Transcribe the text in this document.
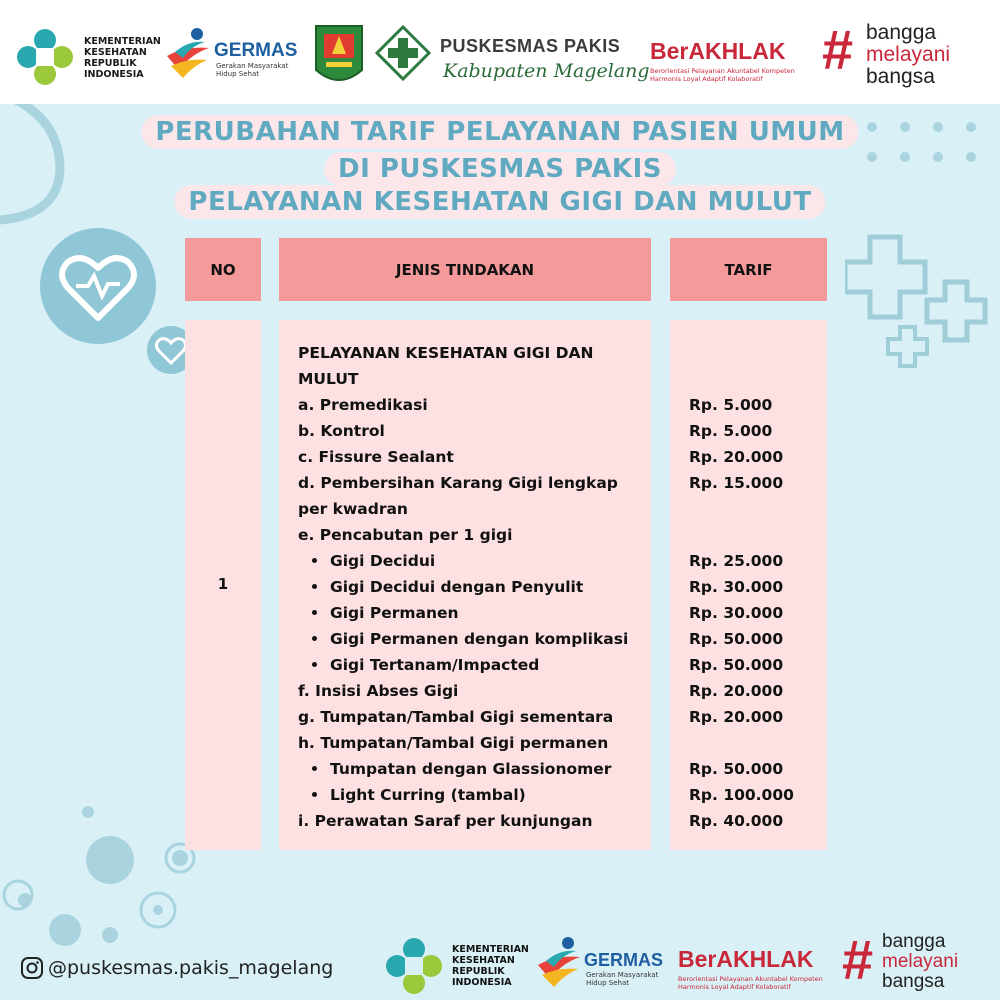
KEMENTERIAN
KESEHATAN
REPUBLIK
INDONESIA
GERMAS
Gerakan Masyarakat
Hidup Sehat
PUSKESMAS PAKIS
Kabupaten Magelang
BerAKHLAK
Berorientasi Pelayanan Akuntabel Kompeten
Harmonis Loyal Adaptif Kolaboratif	# bangga
melayani
bangsa
PERUBAHAN TARIF PELAYANAN PASIEN UMUM
DI PUSKESMAS PAKIS
PELAYANAN KESEHATAN GIGI DAN MULUT
NO	JENIS TINDAKAN	TARIF
1
PELAYANAN KESEHATAN GIGI DAN
MULUT
a. Premedikasi	Rp. 5.000
b. Kontrol	Rp. 5.000
c. Fissure Sealant	Rp. 20.000
d. Pembersihan Karang Gigi lengkap	Rp. 15.000
per kwadran
e. Pencabutan per 1 gigi
Gigi Decidui	Rp. 25.000
Gigi Decidui dengan Penyulit	Rp. 30.000
Gigi Permanen	Rp. 30.000
Gigi Permanen dengan komplikasi	Rp. 50.000
Gigi Tertanam/Impacted	Rp. 50.000
f. Insisi Abses Gigi	Rp. 20.000
g. Tumpatan/Tambal Gigi sementara	Rp. 20.000
h. Tumpatan/Tambal Gigi permanen
Tumpatan dengan Glassionomer	Rp. 50.000
Light Curring (tambal)	Rp. 100.000
i. Perawatan Saraf per kunjungan	Rp. 40.000
@puskesmas.pakis_magelang
KEMENTERIAN
KESEHATAN
REPUBLIK
INDONESIA
GERMAS
Gerakan Masyarakat
Hidup Sehat
BerAKHLAK
Berorientasi Pelayanan Akuntabel Kompeten
Harmonis Loyal Adaptif Kolaboratif # bangga
melayani
bangsa
